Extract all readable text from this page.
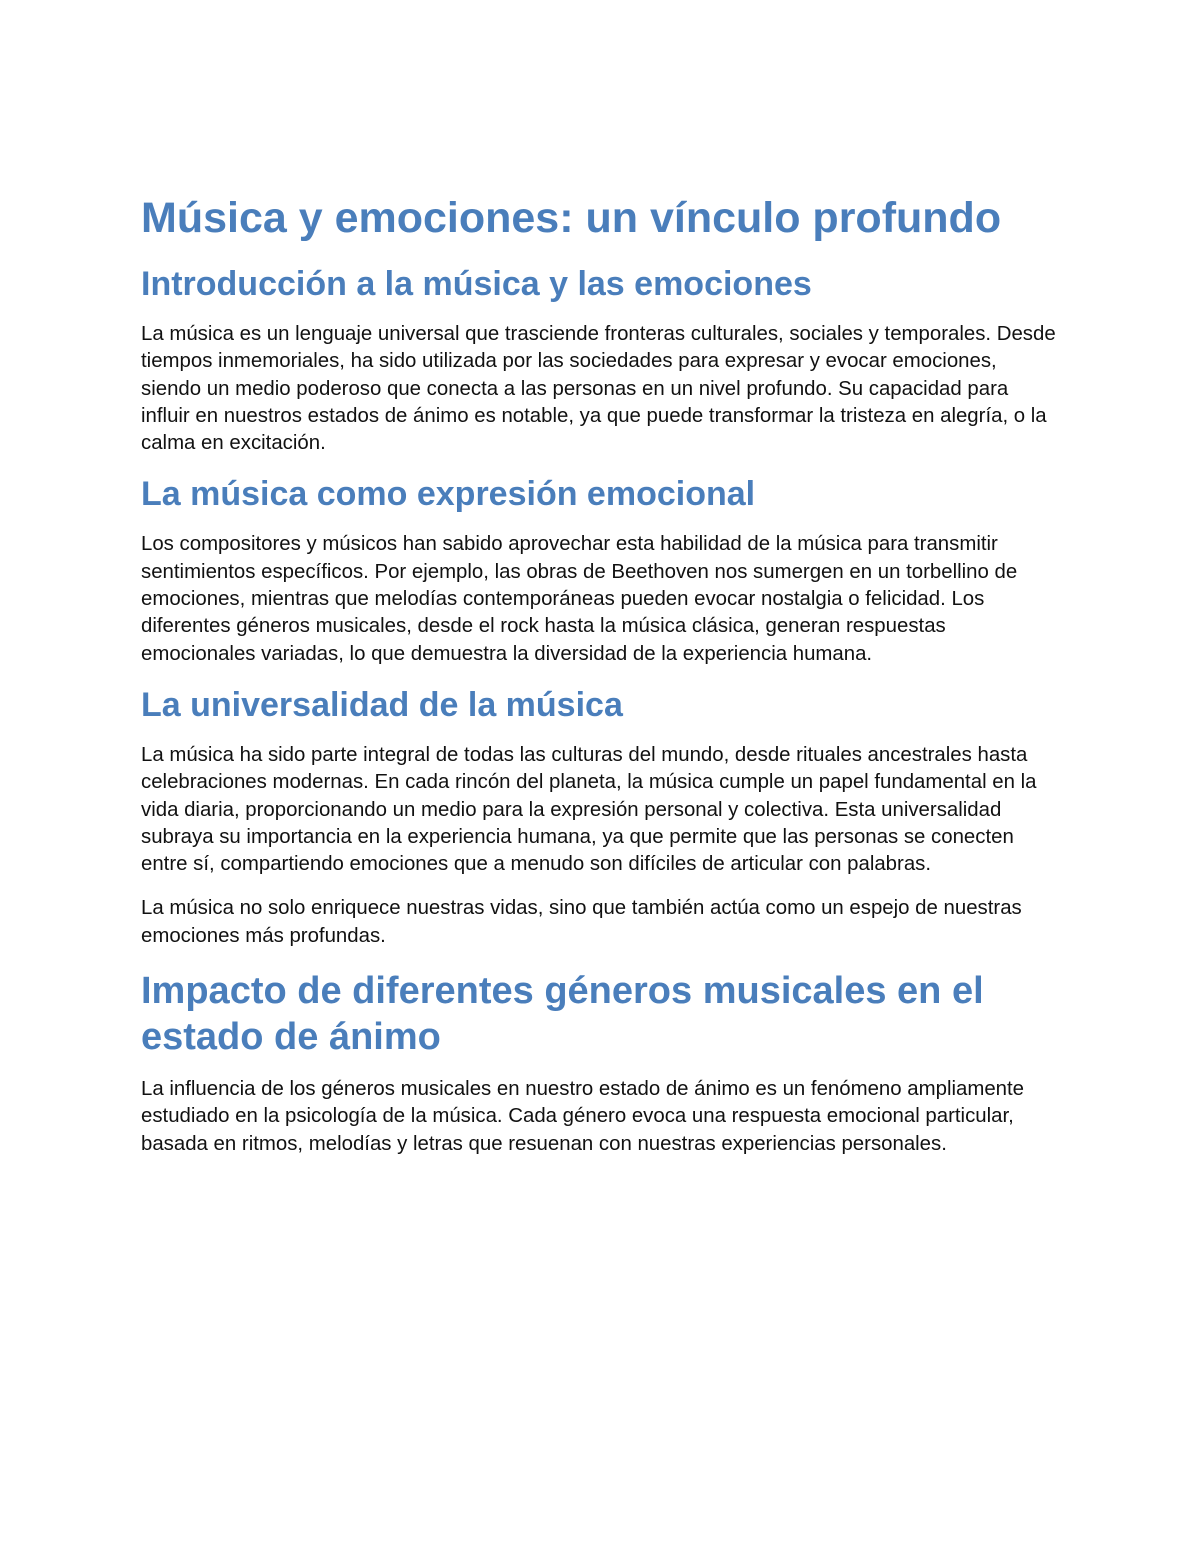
Música y emociones: un vínculo profundo
Introducción a la música y las emociones

La música es un lenguaje universal que trasciende fronteras culturales, sociales y temporales. Desde tiempos inmemoriales, ha sido utilizada por las sociedades para expresar y evocar emociones, siendo un medio poderoso que conecta a las personas en un nivel profundo. Su capacidad para influir en nuestros estados de ánimo es notable, ya que puede transformar la tristeza en alegría, o la calma en excitación.

La música como expresión emocional

Los compositores y músicos han sabido aprovechar esta habilidad de la música para transmitir sentimientos específicos. Por ejemplo, las obras de Beethoven nos sumergen en un torbellino de emociones, mientras que melodías contemporáneas pueden evocar nostalgia o felicidad. Los diferentes géneros musicales, desde el rock hasta la música clásica, generan respuestas emocionales variadas, lo que demuestra la diversidad de la experiencia humana.

La universalidad de la música

La música ha sido parte integral de todas las culturas del mundo, desde rituales ancestrales hasta celebraciones modernas. En cada rincón del planeta, la música cumple un papel fundamental en la vida diaria, proporcionando un medio para la expresión personal y colectiva. Esta universalidad subraya su importancia en la experiencia humana, ya que permite que las personas se conecten entre sí, compartiendo emociones que a menudo son difíciles de articular con palabras.

La música no solo enriquece nuestras vidas, sino que también actúa como un espejo de nuestras emociones más profundas.

Impacto de diferentes géneros musicales en el estado de ánimo

La influencia de los géneros musicales en nuestro estado de ánimo es un fenómeno ampliamente estudiado en la psicología de la música. Cada género evoca una respuesta emocional particular, basada en ritmos, melodías y letras que resuenan con nuestras experiencias personales.
